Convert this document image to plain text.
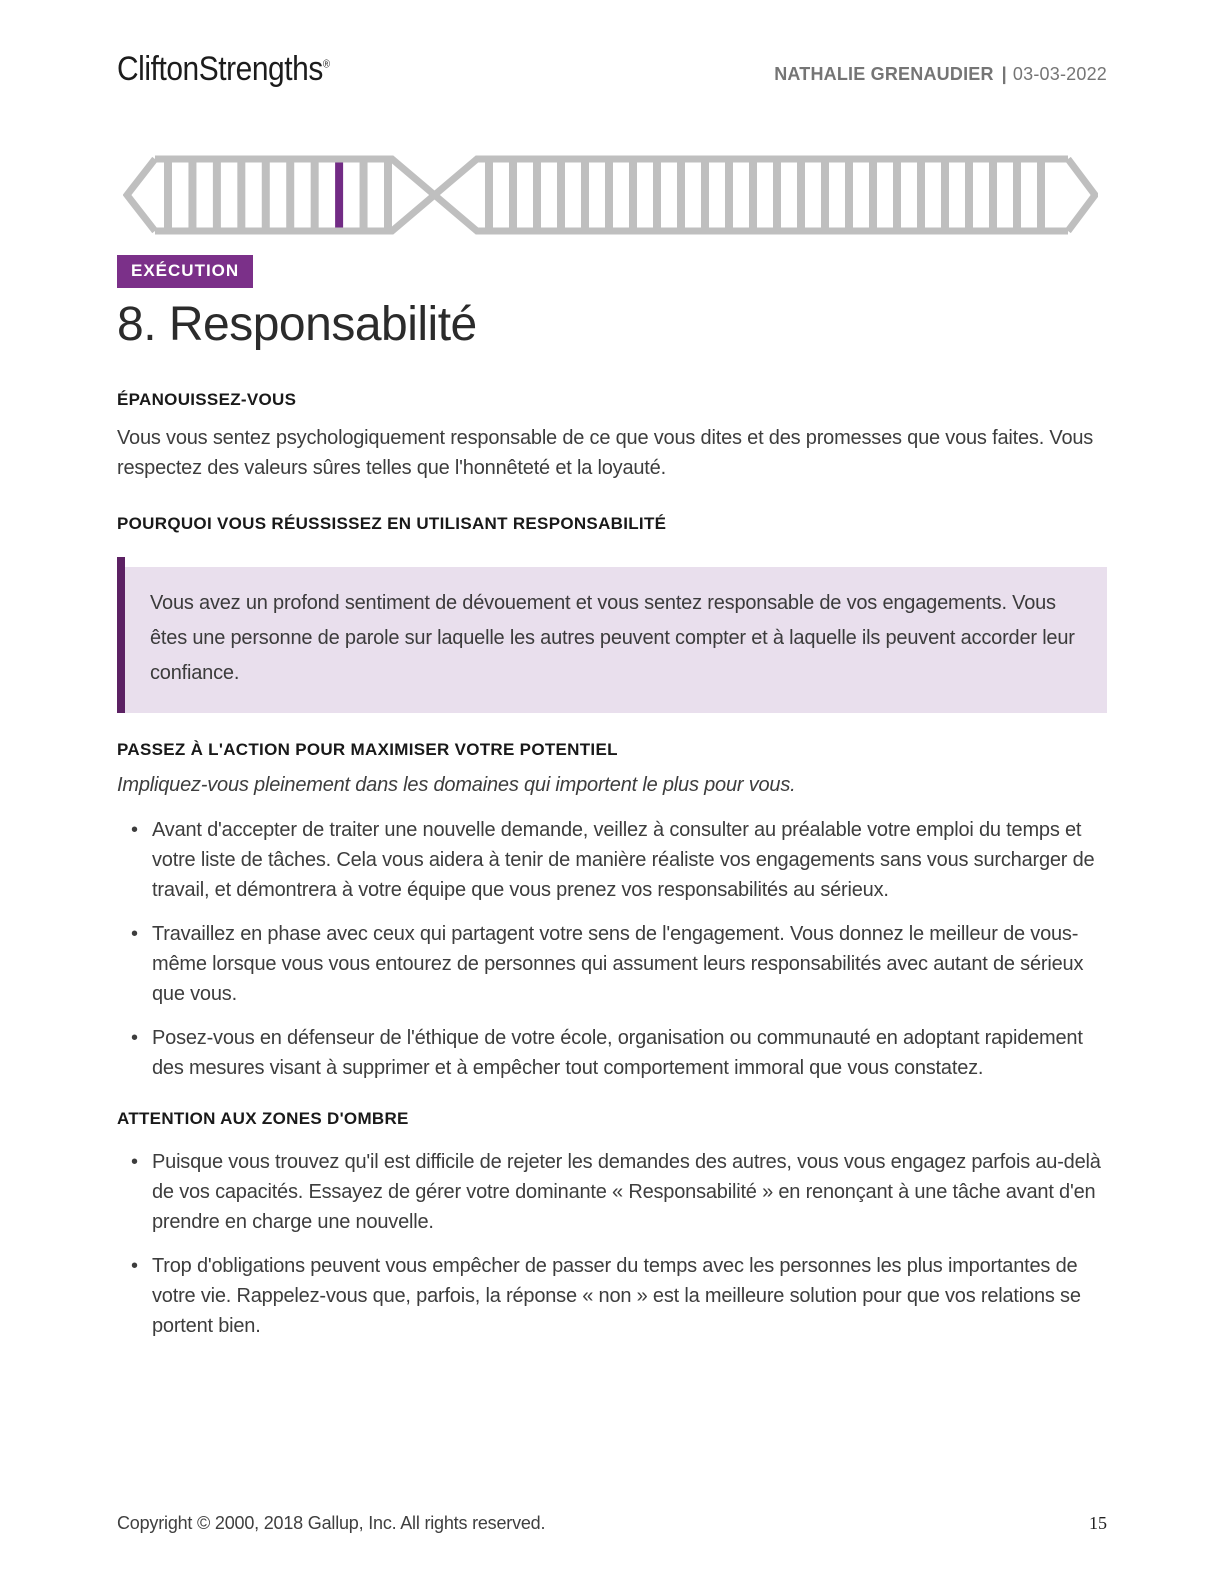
CliftonStrengths®	NATHALIE GRENAUDIER | 03-03-2022
EXÉCUTION
8. Responsabilité
ÉPANOUISSEZ-VOUS

Vous vous sentez psychologiquement responsable de ce que vous dites et des promesses que vous faites. Vous respectez des valeurs sûres telles que l'honnêteté et la loyauté.

POURQUOI VOUS RÉUSSISSEZ EN UTILISANT RESPONSABILITÉ
Vous avez un profond sentiment de dévouement et vous sentez responsable de vos engagements. Vous êtes une personne de parole sur laquelle les autres peuvent compter et à laquelle ils peuvent accorder leur confiance.
PASSEZ À L'ACTION POUR MAXIMISER VOTRE POTENTIEL

Impliquez-vous pleinement dans les domaines qui importent le plus pour vous.

• Avant d'accepter de traiter une nouvelle demande, veillez à consulter au préalable votre emploi du temps et votre liste de tâches. Cela vous aidera à tenir de manière réaliste vos engagements sans vous surcharger de travail, et démontrera à votre équipe que vous prenez vos responsabilités au sérieux.
• Travaillez en phase avec ceux qui partagent votre sens de l'engagement. Vous donnez le meilleur de vous-même lorsque vous vous entourez de personnes qui assument leurs responsabilités avec autant de sérieux que vous.
• Posez-vous en défenseur de l'éthique de votre école, organisation ou communauté en adoptant rapidement des mesures visant à supprimer et à empêcher tout comportement immoral que vous constatez.
ATTENTION AUX ZONES D'OMBRE
• Puisque vous trouvez qu'il est difficile de rejeter les demandes des autres, vous vous engagez parfois au-delà de vos capacités. Essayez de gérer votre dominante « Responsabilité » en renonçant à une tâche avant d'en prendre en charge une nouvelle.
• Trop d'obligations peuvent vous empêcher de passer du temps avec les personnes les plus importantes de votre vie. Rappelez-vous que, parfois, la réponse « non » est la meilleure solution pour que vos relations se portent bien.
Copyright © 2000, 2018 Gallup, Inc. All rights reserved.	15
